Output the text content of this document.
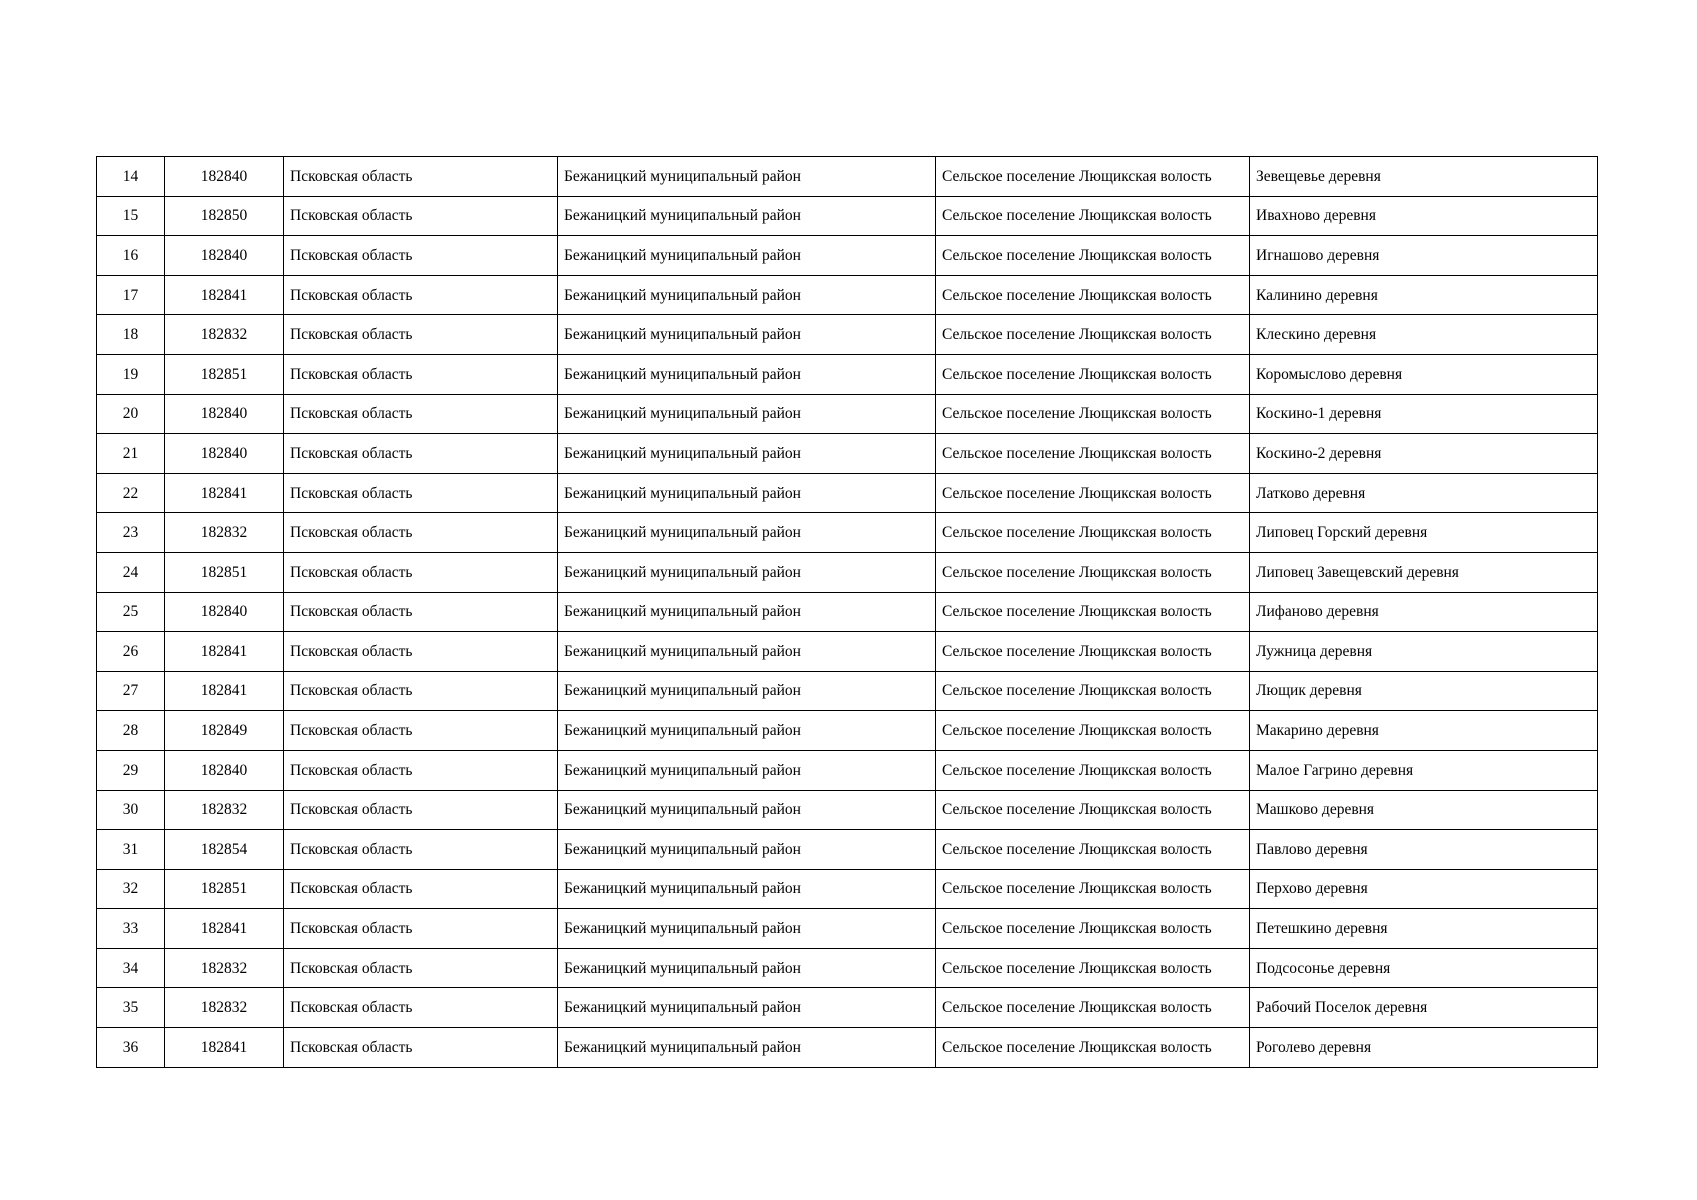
14	182840	Псковская область	Бежаницкий муниципальный район	Сельское поселение Лющикская волость	Зевещевье деревня
15	182850	Псковская область	Бежаницкий муниципальный район	Сельское поселение Лющикская волость	Ивахново деревня
16	182840	Псковская область	Бежаницкий муниципальный район	Сельское поселение Лющикская волость	Игнашово деревня
17	182841	Псковская область	Бежаницкий муниципальный район	Сельское поселение Лющикская волость	Калинино деревня
18	182832	Псковская область	Бежаницкий муниципальный район	Сельское поселение Лющикская волость	Клескино деревня
19	182851	Псковская область	Бежаницкий муниципальный район	Сельское поселение Лющикская волость	Коромыслово деревня
20	182840	Псковская область	Бежаницкий муниципальный район	Сельское поселение Лющикская волость	Коскино-1 деревня
21	182840	Псковская область	Бежаницкий муниципальный район	Сельское поселение Лющикская волость	Коскино-2 деревня
22	182841	Псковская область	Бежаницкий муниципальный район	Сельское поселение Лющикская волость	Латково деревня
23	182832	Псковская область	Бежаницкий муниципальный район	Сельское поселение Лющикская волость	Липовец Горский деревня
24	182851	Псковская область	Бежаницкий муниципальный район	Сельское поселение Лющикская волость	Липовец Завещевский деревня
25	182840	Псковская область	Бежаницкий муниципальный район	Сельское поселение Лющикская волость	Лифаново деревня
26	182841	Псковская область	Бежаницкий муниципальный район	Сельское поселение Лющикская волость	Лужница деревня
27	182841	Псковская область	Бежаницкий муниципальный район	Сельское поселение Лющикская волость	Лющик деревня
28	182849	Псковская область	Бежаницкий муниципальный район	Сельское поселение Лющикская волость	Макарино деревня
29	182840	Псковская область	Бежаницкий муниципальный район	Сельское поселение Лющикская волость	Малое Гагрино деревня
30	182832	Псковская область	Бежаницкий муниципальный район	Сельское поселение Лющикская волость	Машково деревня
31	182854	Псковская область	Бежаницкий муниципальный район	Сельское поселение Лющикская волость	Павлово деревня
32	182851	Псковская область	Бежаницкий муниципальный район	Сельское поселение Лющикская волость	Перхово деревня
33	182841	Псковская область	Бежаницкий муниципальный район	Сельское поселение Лющикская волость	Петешкино деревня
34	182832	Псковская область	Бежаницкий муниципальный район	Сельское поселение Лющикская волость	Подсосонье деревня
35	182832	Псковская область	Бежаницкий муниципальный район	Сельское поселение Лющикская волость	Рабочий Поселок деревня
36	182841	Псковская область	Бежаницкий муниципальный район	Сельское поселение Лющикская волость	Роголево деревня
